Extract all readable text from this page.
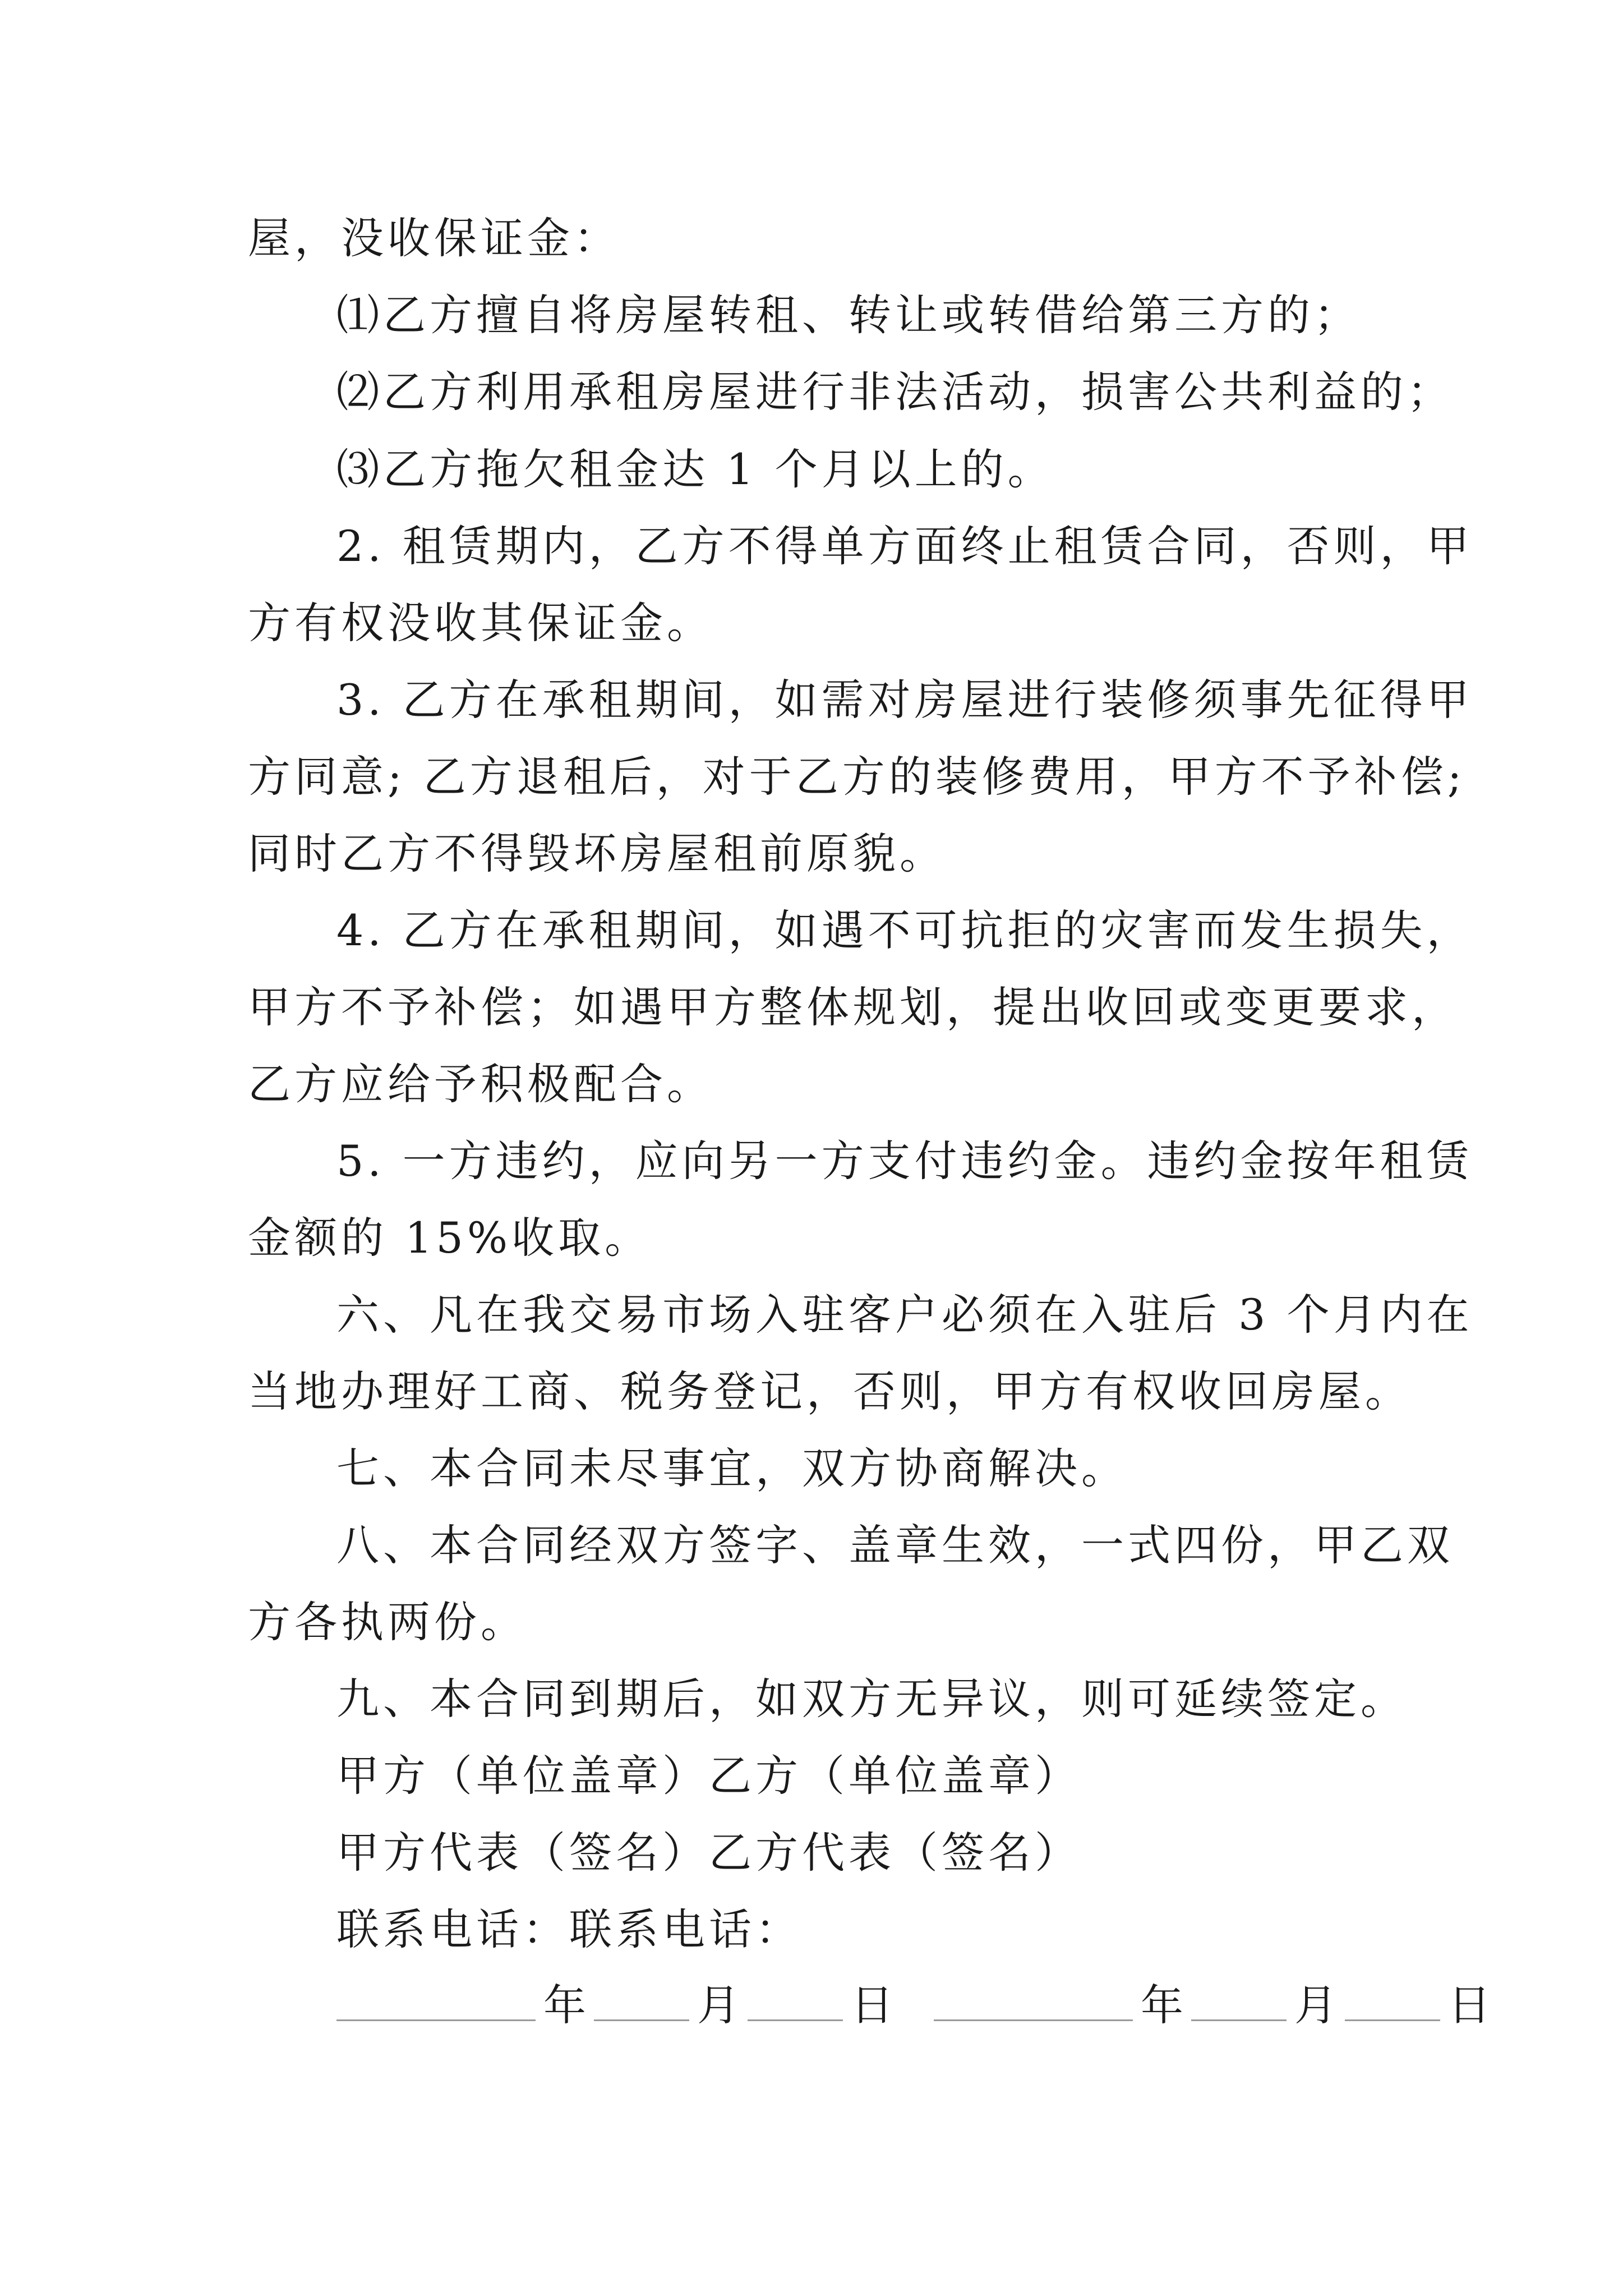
屋，没收保证金：
⑴乙方擅自将房屋转租、转让或转借给第三方的；
⑵乙方利用承租房屋进行非法活动，损害公共利益的；
⑶乙方拖欠租金达 1 个月以上的。
2. 租赁期内，乙方不得单方面终止租赁合同，否则，甲
方有权没收其保证金。
3. 乙方在承租期间，如需对房屋进行装修须事先征得甲
方同意; 乙方退租后，对于乙方的装修费用，甲方不予补偿;
同时乙方不得毁坏房屋租前原貌。
4. 乙方在承租期间，如遇不可抗拒的灾害而发生损失，
甲方不予补偿；如遇甲方整体规划，提出收回或变更要求，
乙方应给予积极配合。
5. 一方违约，应向另一方支付违约金。违约金按年租赁
金额的 15%收取。
六、凡在我交易市场入驻客户必须在入驻后 3 个月内在
当地办理好工商、税务登记，否则，甲方有权收回房屋。
七、本合同未尽事宜，双方协商解决。
八、本合同经双方签字、盖章生效，一式四份，甲乙双
方各执两份。
九、本合同到期后，如双方无异议，则可延续签定。
甲方（单位盖章）乙方（单位盖章）
甲方代表（签名）乙方代表（签名）
联系电话：联系电话：
年	月	日	年	月	日
